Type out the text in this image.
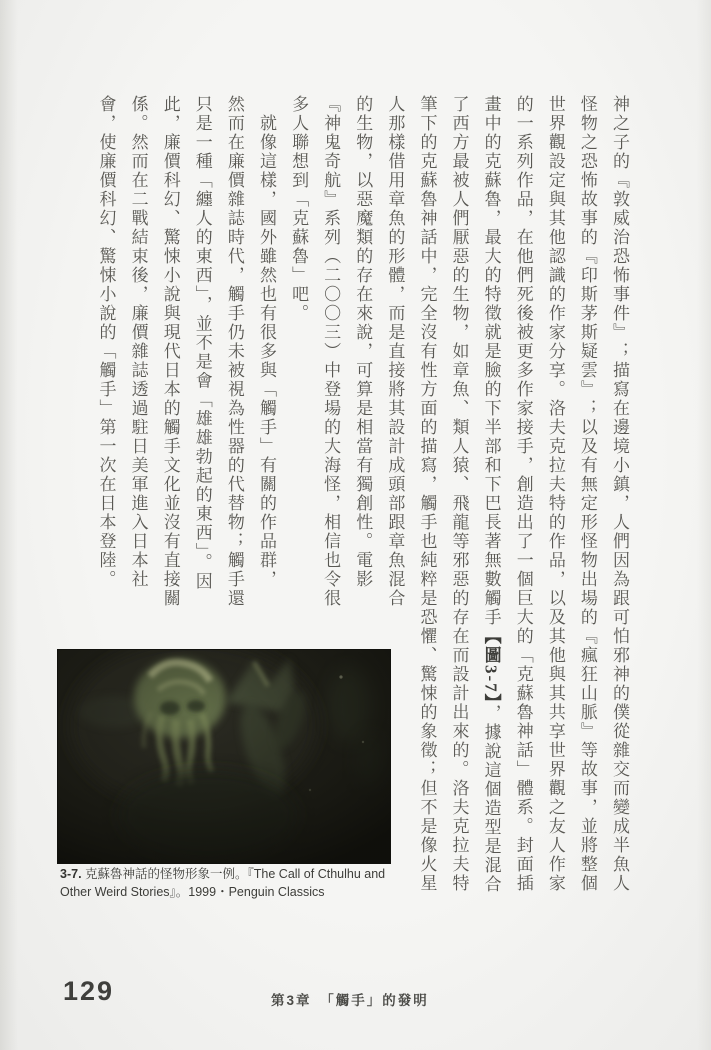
神之子的『敦威治恐怖事件』；描寫在邊境小鎮，人們因為跟可怕邪神的僕從雜交而變成半魚人
怪物之恐怖故事的『印斯茅斯疑雲』；以及有無定形怪物出場的『瘋狂山脈』等故事，並將整個
世界觀設定與其他認識的作家分享。洛夫克拉夫特的作品，以及其他與其共享世界觀之友人作家
的一系列作品，在他們死後被更多作家接手，創造出了一個巨大的「克蘇魯神話」體系。封面插
畫中的克蘇魯，最大的特徵就是臉的下半部和下巴長著無數觸手【圖3-7】，據說這個造型是混合
了西方最被人們厭惡的生物，如章魚、類人猿、飛龍等邪惡的存在而設計出來的。洛夫克拉夫特
筆下的克蘇魯神話中，完全沒有性方面的描寫，觸手也純粹是恐懼、驚悚的象徵；但不是像火星
人那樣借用章魚的形體，而是直接將其設計成頭部跟章魚混合
的生物，以惡魔類的存在來說，可算是相當有獨創性。電影
『神鬼奇航』系列（二〇〇三）中登場的大海怪，相信也令很
多人聯想到「克蘇魯」吧。
　就像這樣，國外雖然也有很多與「觸手」有關的作品群，
然而在廉價雜誌時代，觸手仍未被視為性器的代替物；觸手還
只是一種「纏人的東西」，並不是會「雄雄勃起的東西」。因
此，廉價科幻、驚悚小說與現代日本的觸手文化並沒有直接關
係。然而在二戰結束後，廉價雜誌透過駐日美軍進入日本社
會，使廉價科幻、驚悚小說的「觸手」第一次在日本登陸。
3-7. 克蘇魯神話的怪物形象一例。『The Call of Cthulhu and
Other Weird Stories』。1999・Penguin Classics
129	第3章　「觸手」的發明
